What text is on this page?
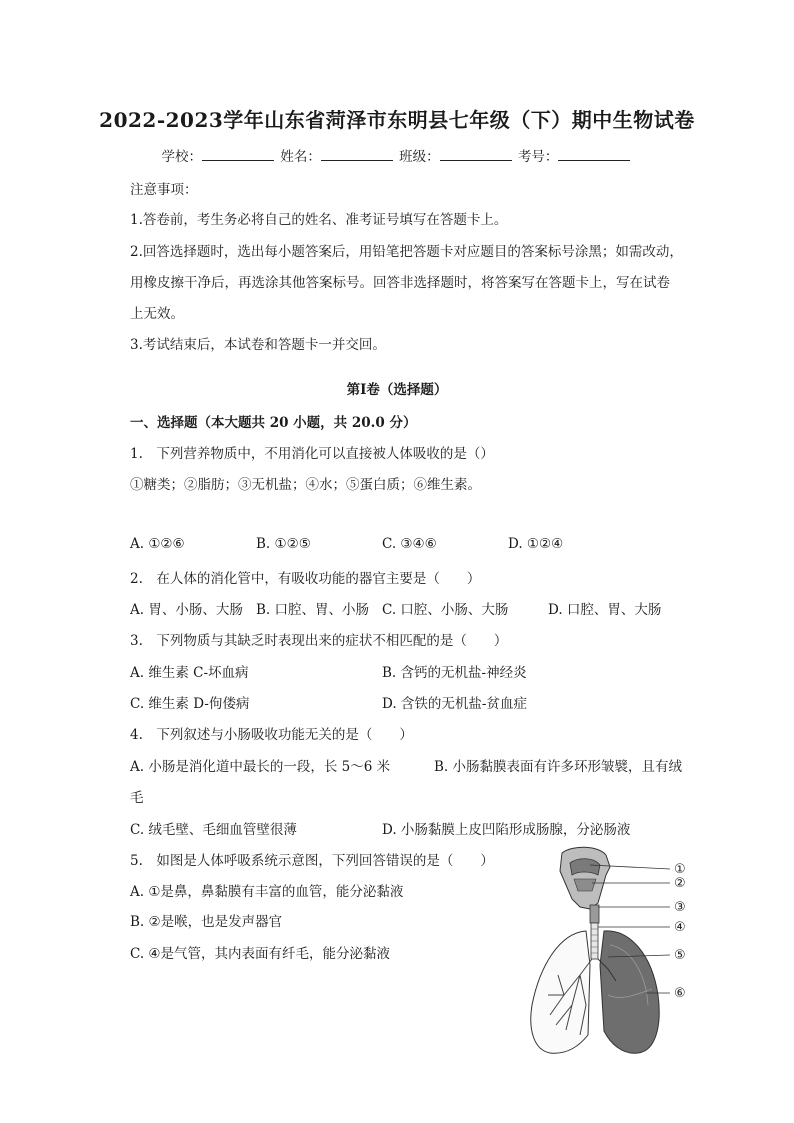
2022-2023学年山东省菏泽市东明县七年级（下）期中生物试卷
学校：	姓名：	班级：	考号：
注意事项：
1.答卷前，考生务必将自己的姓名、准考证号填写在答题卡上。
2.回答选择题时，选出每小题答案后，用铅笔把答题卡对应题目的答案标号涂黑；如需改动，
用橡皮擦干净后，再选涂其他答案标号。回答非选择题时，将答案写在答题卡上，写在试卷
上无效。
3.考试结束后，本试卷和答题卡一并交回。
第I卷（选择题）
一、选择题（本大题共 20 小题，共 20.0 分）
1.　下列营养物质中，不用消化可以直接被人体吸收的是（）
①糖类；②脂肪；③无机盐；④水；⑤蛋白质；⑥维生素。
A. ①②⑥	B. ①②⑤	C. ③④⑥	D. ①②④
2.　在人体的消化管中，有吸收功能的器官主要是（　　）
A. 胃、小肠、大肠 B. 口腔、胃、小肠 C. 口腔、小肠、大肠	D. 口腔、胃、大肠
3.　下列物质与其缺乏时表现出来的症状不相匹配的是（　　）
A. 维生素 C-坏血病	B. 含钙的无机盐-神经炎
C. 维生素 D-佝偻病	D. 含铁的无机盐-贫血症
4.　下列叙述与小肠吸收功能无关的是（　　）
A. 小肠是消化道中最长的一段，长 5～6 米	B. 小肠黏膜表面有许多环形皱襞，且有绒
毛
C. 绒毛壁、毛细血管壁很薄	D. 小肠黏膜上皮凹陷形成肠腺，分泌肠液
5.　如图是人体呼吸系统示意图，下列回答错误的是（　　）
A. ①是鼻，鼻黏膜有丰富的血管，能分泌黏液
B. ②是喉，也是发声器官
C. ④是气管，其内表面有纤毛，能分泌黏液
①
②
③
④
⑤
⑥
